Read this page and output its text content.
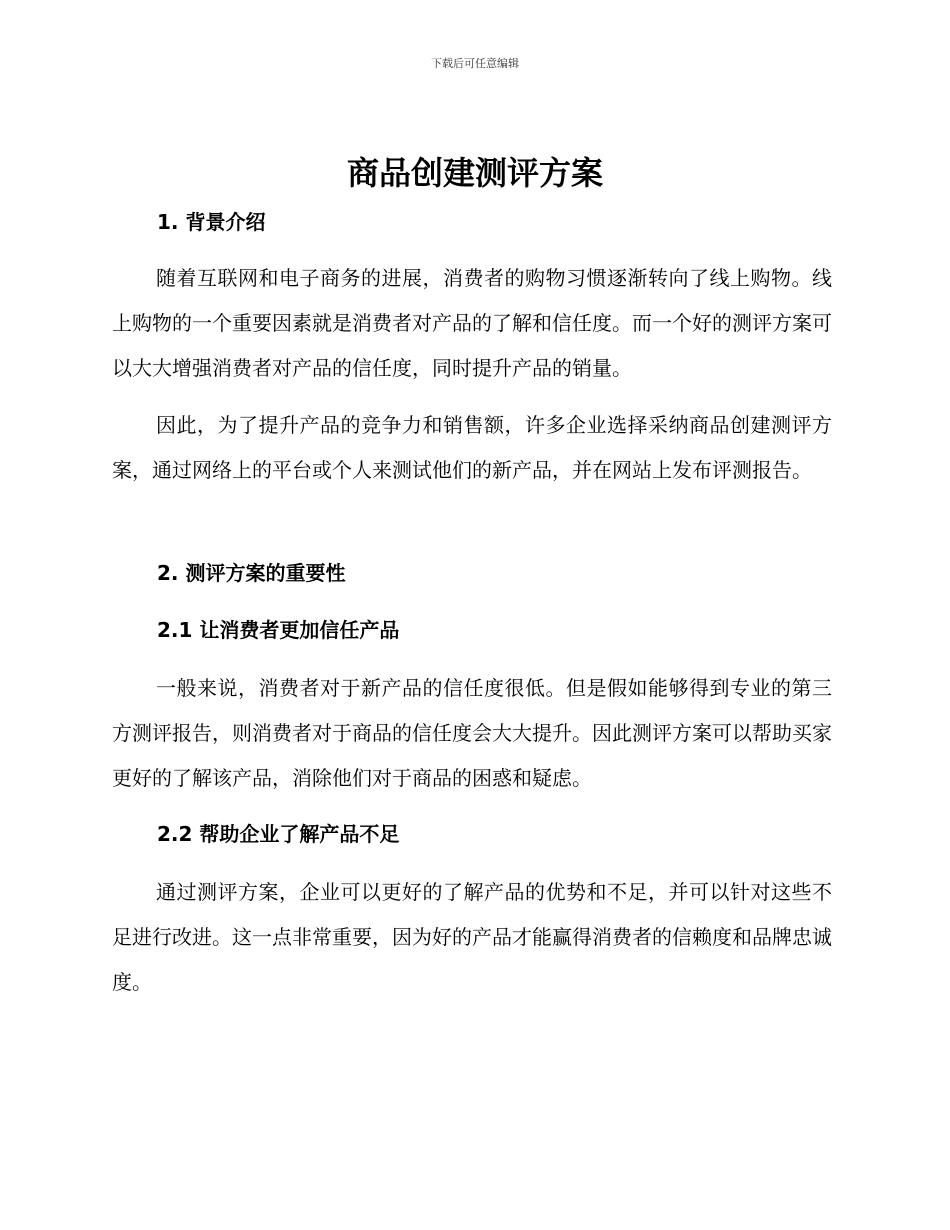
下载后可任意编辑
商品创建测评方案
1. 背景介绍

随着互联网和电子商务的进展，消费者的购物习惯逐渐转向了线上购物。线上购物的一个重要因素就是消费者对产品的了解和信任度。而一个好的测评方案可以大大增强消费者对产品的信任度，同时提升产品的销量。

因此，为了提升产品的竞争力和销售额，许多企业选择采纳商品创建测评方案，通过网络上的平台或个人来测试他们的新产品，并在网站上发布评测报告。

2. 测评方案的重要性
2.1 让消费者更加信任产品

一般来说，消费者对于新产品的信任度很低。但是假如能够得到专业的第三方测评报告，则消费者对于商品的信任度会大大提升。因此测评方案可以帮助买家更好的了解该产品，消除他们对于商品的困惑和疑虑。

2.2 帮助企业了解产品不足

通过测评方案，企业可以更好的了解产品的优势和不足，并可以针对这些不足进行改进。这一点非常重要，因为好的产品才能赢得消费者的信赖度和品牌忠诚度。
